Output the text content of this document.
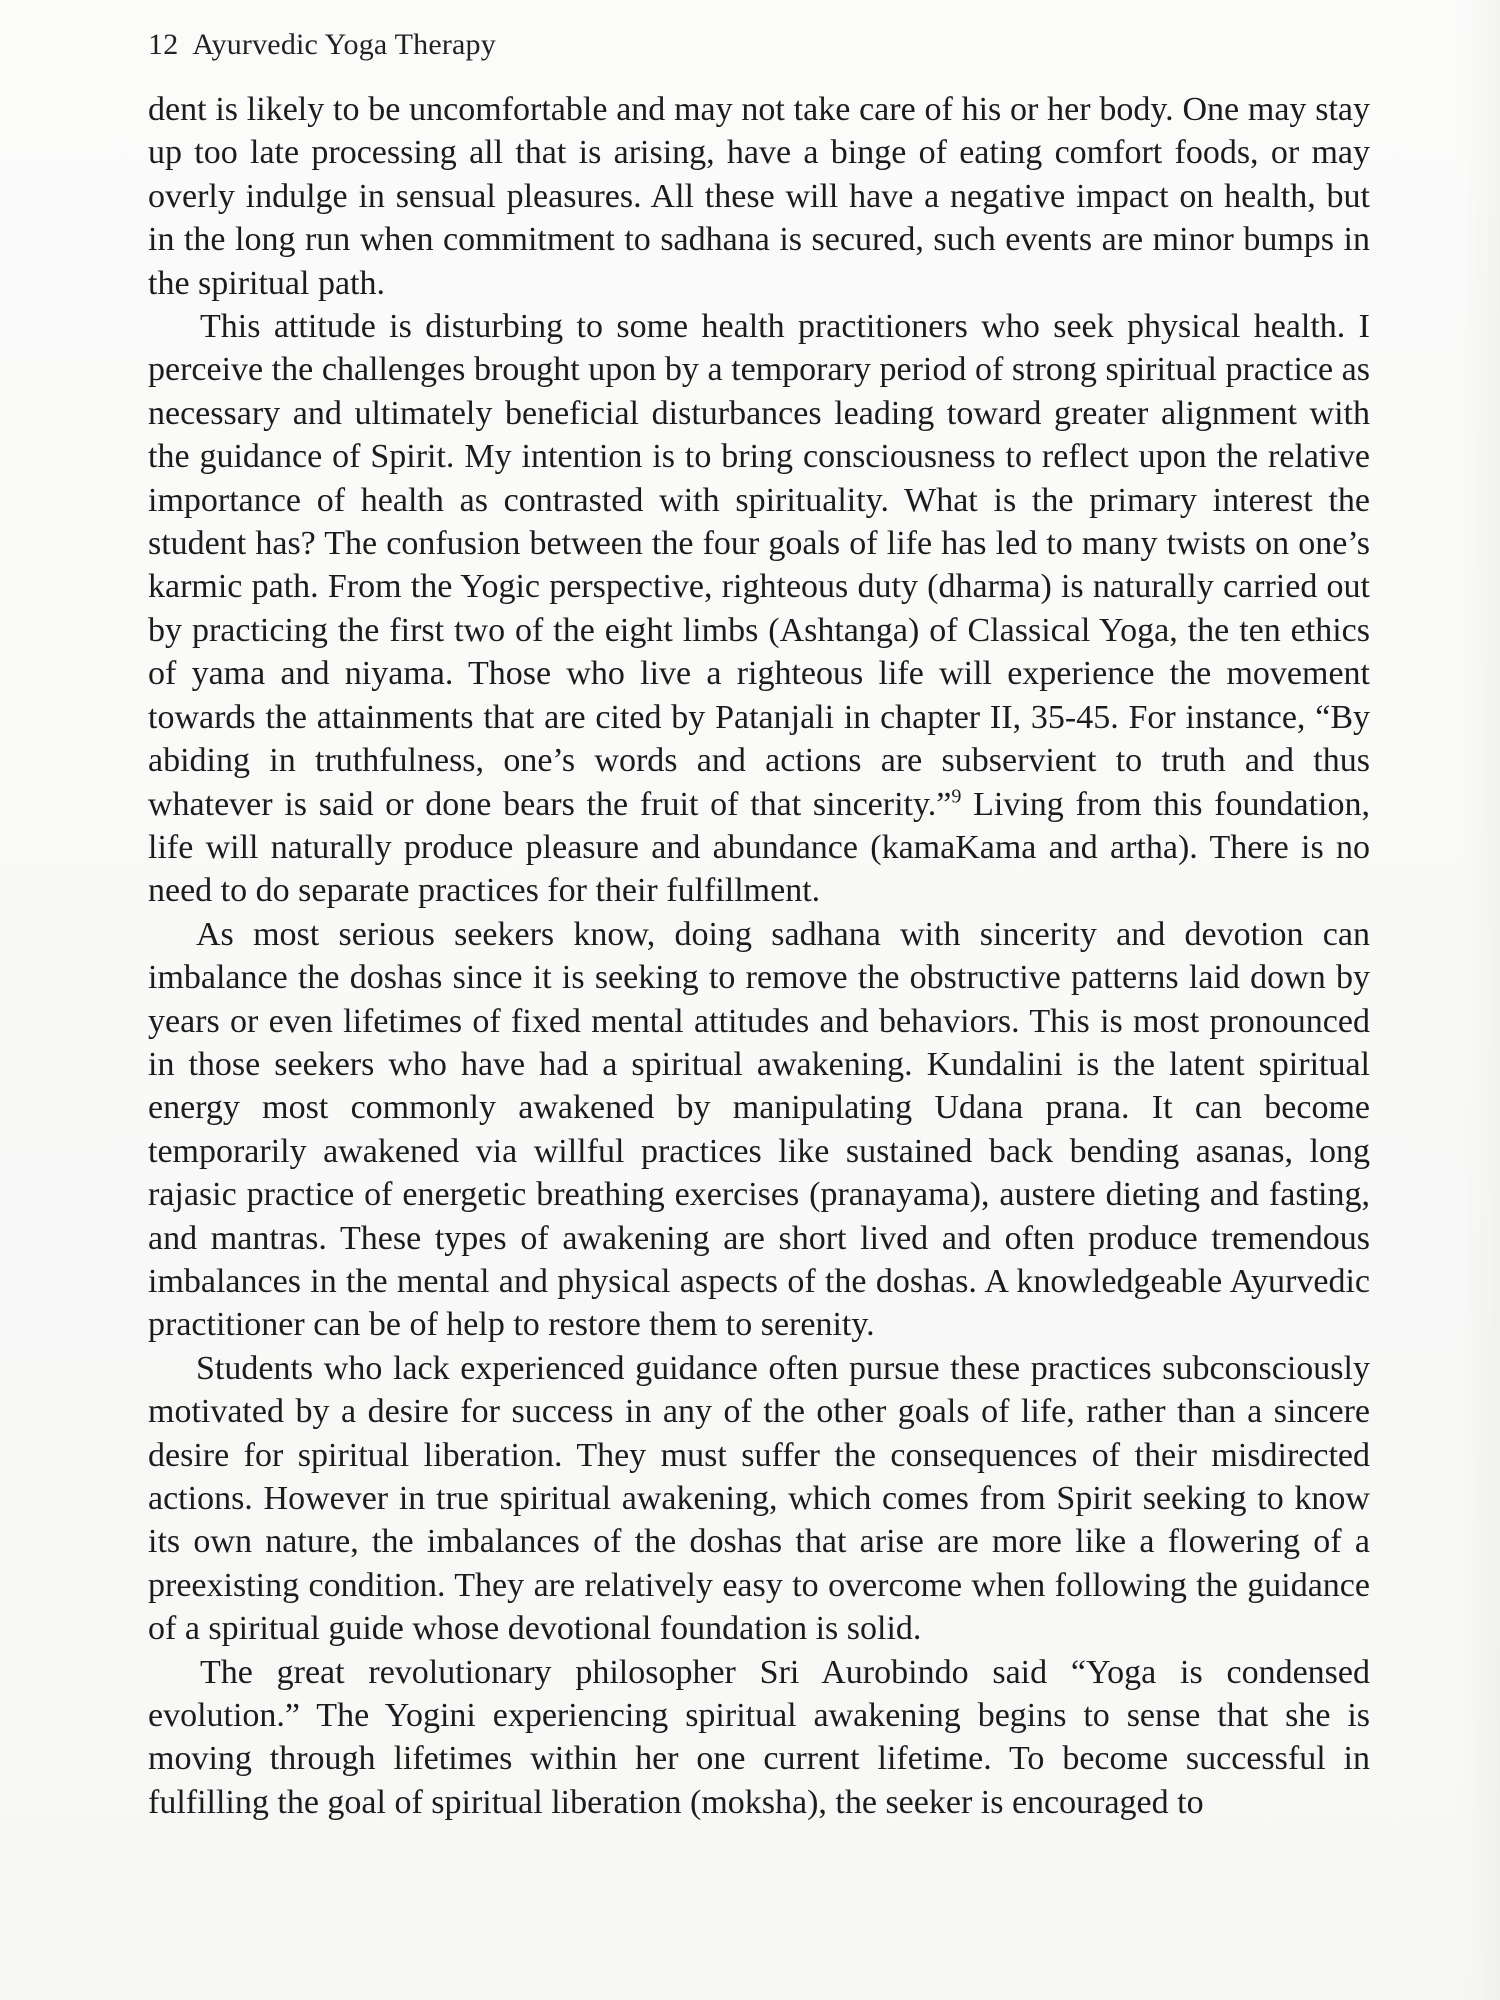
12 Ayurvedic Yoga Therapy

dent is likely to be uncomfortable and may not take care of his or her body. One may stay up too late processing all that is arising, have a binge of eating comfort foods, or may overly indulge in sensual pleasures. All these will have a negative impact on health, but in the long run when commitment to sadhana is secured, such events are minor bumps in the spiritual path.

This attitude is disturbing to some health practitioners who seek physical health. I perceive the challenges brought upon by a temporary period of strong spiritual practice as necessary and ultimately beneficial disturbances leading toward greater alignment with the guidance of Spirit. My intention is to bring consciousness to reflect upon the relative importance of health as contrasted with spirituality. What is the primary interest the student has? The confusion between the four goals of life has led to many twists on one’s karmic path. From the Yogic perspective, righteous duty (dharma) is naturally carried out by practicing the first two of the eight limbs (Ashtanga) of Classical Yoga, the ten ethics of yama and niyama. Those who live a righteous life will experience the movement towards the attainments that are cited by Patanjali in chapter II, 35-45. For instance, “By abiding in truthfulness, one’s words and actions are subservient to truth and thus whatever is said or done bears the fruit of that sincerity.”$^9$ Living from this foundation, life will naturally produce pleasure and abundance (kamaKama and artha). There is no need to do separate practices for their fulfillment.

As most serious seekers know, doing sadhana with sincerity and devotion can imbalance the doshas since it is seeking to remove the obstructive patterns laid down by years or even lifetimes of fixed mental attitudes and behaviors. This is most pronounced in those seekers who have had a spiritual awakening. Kundalini is the latent spiritual energy most commonly awakened by manipulating Udana prana. It can become temporarily awakened via willful practices like sustained back bending asanas, long rajasic practice of energetic breathing exercises (pranayama), austere dieting and fasting, and mantras. These types of awakening are short lived and often produce tremendous imbalances in the mental and physical aspects of the doshas. A knowledgeable Ayurvedic practitioner can be of help to restore them to serenity.

Students who lack experienced guidance often pursue these practices subconsciously motivated by a desire for success in any of the other goals of life, rather than a sincere desire for spiritual liberation. They must suffer the consequences of their misdirected actions. However in true spiritual awakening, which comes from Spirit seeking to know its own nature, the imbalances of the doshas that arise are more like a flowering of a preexisting condition. They are relatively easy to overcome when following the guidance of a spiritual guide whose devotional foundation is solid.

The great revolutionary philosopher Sri Aurobindo said “Yoga is condensed evolution.” The Yogini experiencing spiritual awakening begins to sense that she is moving through lifetimes within her one current lifetime. To become successful in fulfilling the goal of spiritual liberation (moksha), the seeker is encouraged to
